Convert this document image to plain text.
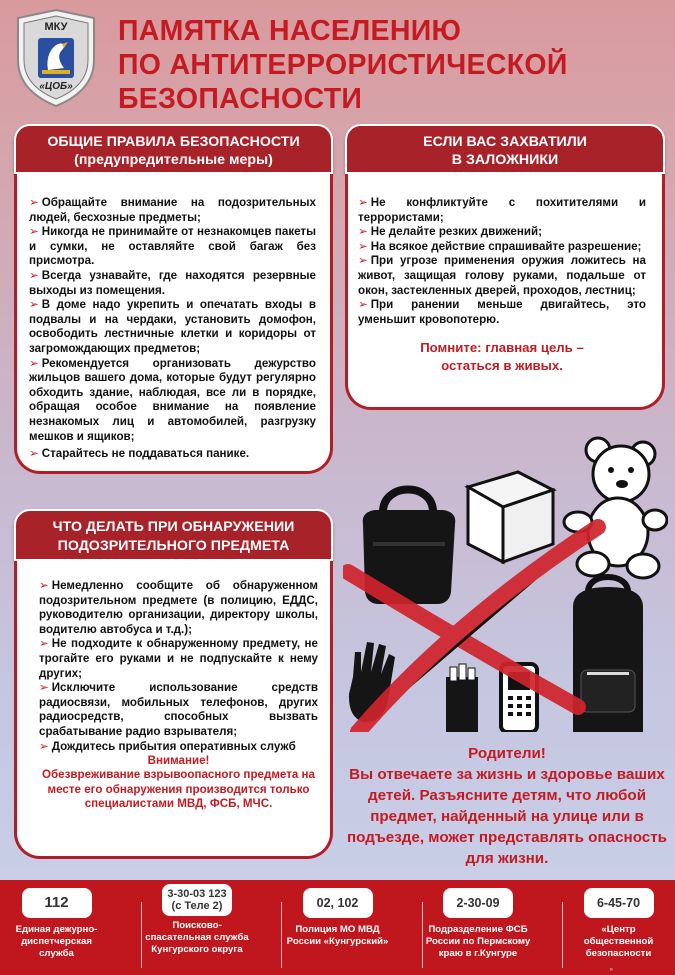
МКУ
«ЦОБ»
ПАМЯТКА НАСЕЛЕНИЮ
ПО АНТИТЕРРОРИСТИЧЕСКОЙ
БЕЗОПАСНОСТИ
ОБЩИЕ ПРАВИЛА БЕЗОПАСНОСТИ
(предупредительные меры)

➢ Обращайте внимание на подозрительных людей, бесхозные предметы;

➢ Никогда не принимайте от незнакомцев пакеты и сумки, не оставляйте свой багаж без присмотра.

➢ Всегда узнавайте, где находятся резервные выходы из помещения.

➢ В доме надо укрепить и опечатать входы в подвалы и на чердаки, установить домофон, освободить лестничные клетки и коридоры от загромождающих предметов;

➢ Рекомендуется организовать дежурство жильцов вашего дома, которые будут регулярно обходить здание, наблюдая, все ли в порядке, обращая особое внимание на появление незнакомых лиц и автомобилей, разгрузку мешков и ящиков;

➢ Старайтесь не поддаваться панике.

ЕСЛИ ВАС ЗАХВАТИЛИ
В ЗАЛОЖНИКИ

➢ Не конфликтуйте с похитителями и террористами;

➢ Не делайте резких движений;

➢ На всякое действие спрашивайте разрешение;

➢ При угрозе применения оружия ложитесь на живот, защищая голову руками, подальше от окон, застекленных дверей, проходов, лестниц;

➢ При ранении меньше двигайтесь, это уменьшит кровопотерю.

Помните: главная цель –
остаться в живых.
ЧТО ДЕЛАТЬ ПРИ ОБНАРУЖЕНИИ
ПОДОЗРИТЕЛЬНОГО ПРЕДМЕТА

➢ Немедленно сообщите об обнаруженном подозрительном предмете (в полицию, ЕДДС, руководителю организации, директору школы, водителю автобуса и т.д.);

➢ Не подходите к обнаруженному предмету, не трогайте его руками и не подпускайте к нему других;

➢ Исключите использование средств радиосвязи, мобильных телефонов, других радиосредств, способных вызвать срабатывание радио взрывателя;

➢ Дождитесь прибытия оперативных служб

Внимание!
Обезвреживание взрывоопасного предмета на месте его обнаружения производится только специалистами МВД, ФСБ, МЧС.
Родители!
Вы отвечаете за жизнь и здоровье ваших детей. Разъясните детям, что любой предмет, найденный на улице или в подъезде, может представлять опасность для жизни.
112
Единая дежурно-диспетчерская служба
3-30-03 123 (с Теле 2)
Поисково-спасательная служба Кунгурского округа
02, 102
Полиция МО МВД России «Кунгурский»
2-30-09
Подразделение ФСБ России по Пермскому краю в г.Кунгуре
6-45-70
«Центр общественной безопасности
»
